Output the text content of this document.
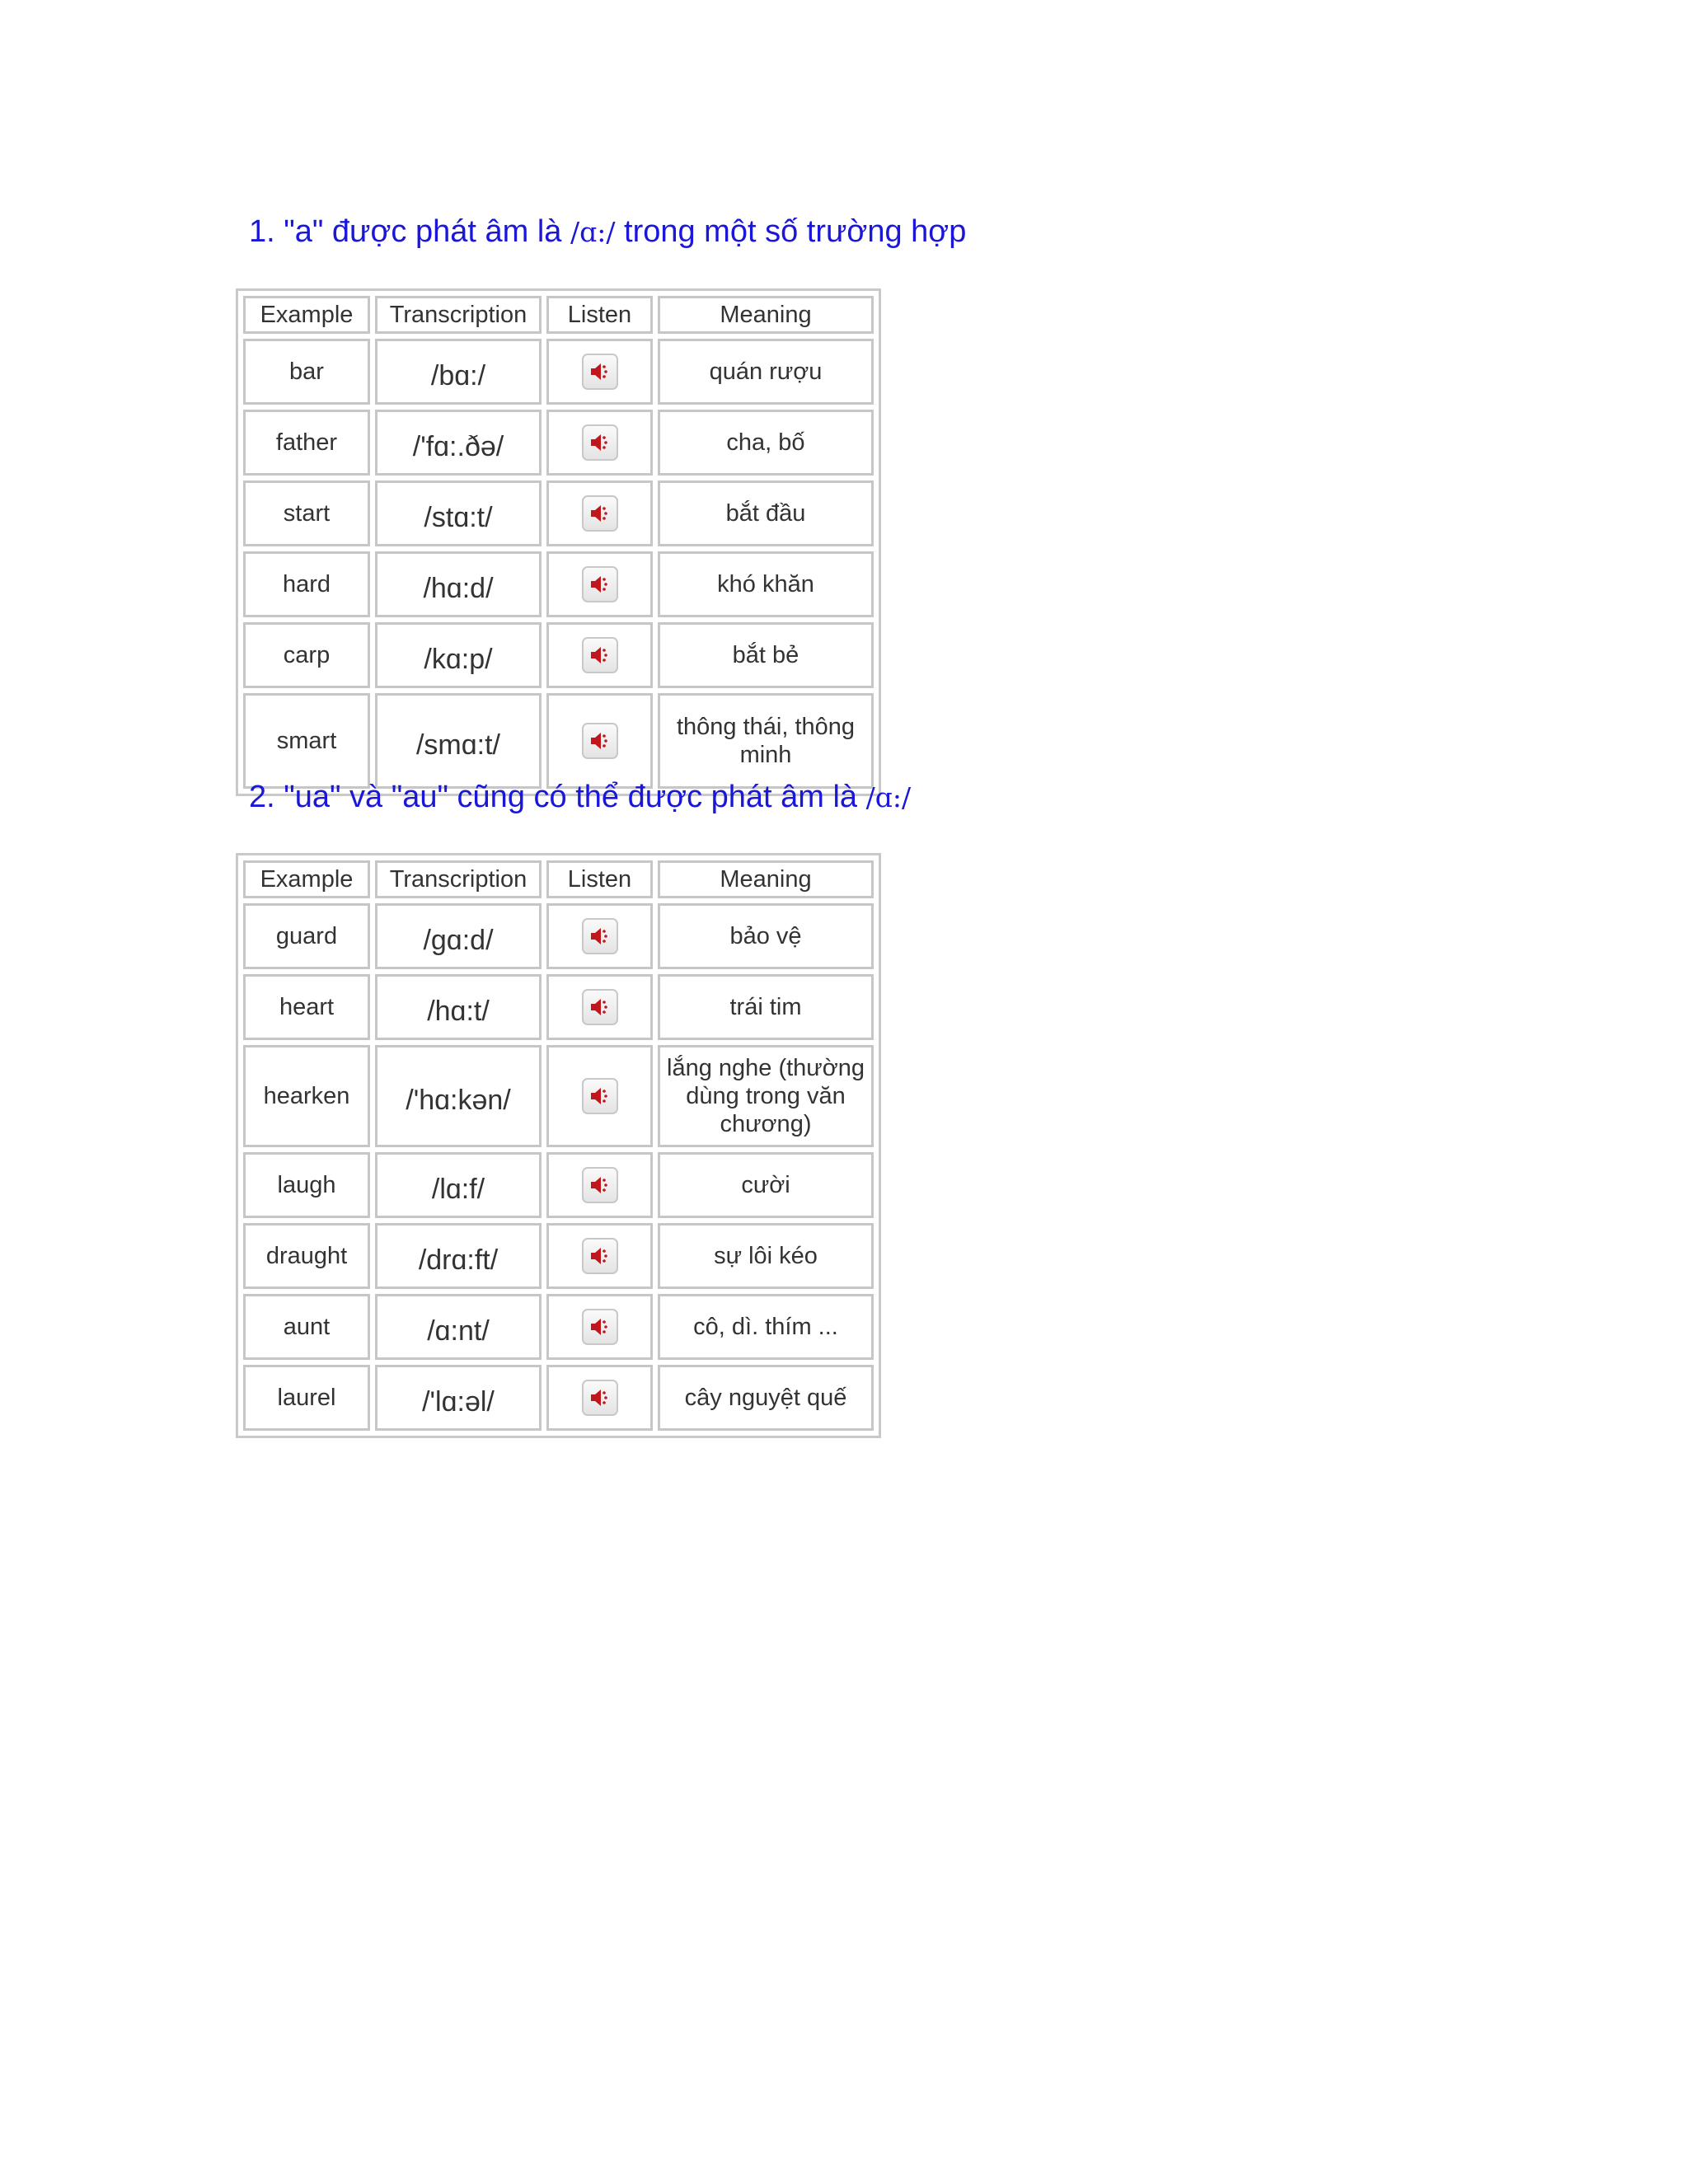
1. "a" được phát âm là /ɑ:/ trong một số trường hợp
Example	Transcription	Listen	Meaning
bar	/bɑ:/		quán rượu
father	/'fɑ:.ðə/		cha, bố
start	/stɑ:t/		bắt đầu
hard	/hɑ:d/		khó khăn
carp	/kɑ:p/		bắt bẻ
smart	/smɑ:t/		thông thái, thông minh
2. "ua" và "au" cũng có thể được phát âm là /ɑ:/
Example	Transcription	Listen	Meaning
guard	/gɑ:d/		bảo vệ
heart	/hɑ:t/		trái tim
hearken	/'hɑ:kən/		lắng nghe (thường dùng trong văn chương)
laugh	/lɑ:f/		cười
draught	/drɑ:ft/		sự lôi kéo
aunt	/ɑ:nt/		cô, dì. thím ...
laurel	/'lɑ:əl/		cây nguyệt quế
